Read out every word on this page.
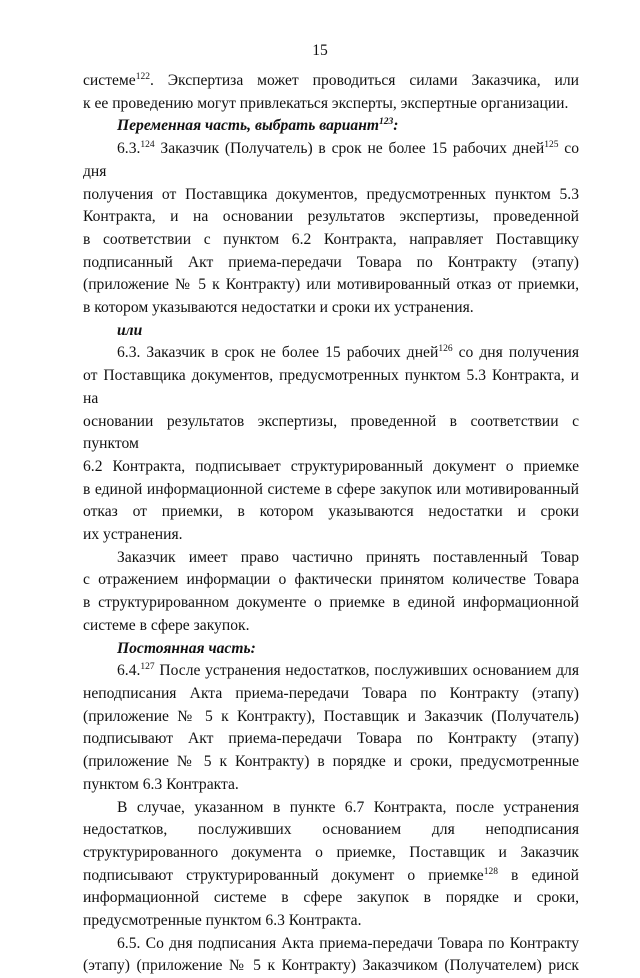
15

системе$^{122}$. Экспертиза может проводиться силами Заказчика, или

к ее проведению могут привлекаться эксперты, экспертные организации.

Переменная часть, выбрать вариант$^{123}$:

6.3.$^{124}$ Заказчик (Получатель) в срок не более 15 рабочих дней$^{125}$ со дня

получения от Поставщика документов, предусмотренных пунктом 5.3

Контракта, и на основании результатов экспертизы, проведенной

в соответствии с пунктом 6.2 Контракта, направляет Поставщику

подписанный Акт приема-передачи Товара по Контракту (этапу)

(приложение № 5 к Контракту) или мотивированный отказ от приемки,

в котором указываются недостатки и сроки их устранения.

или

6.3. Заказчик в срок не более 15 рабочих дней$^{126}$ со дня получения

от Поставщика документов, предусмотренных пунктом 5.3 Контракта, и на

основании результатов экспертизы, проведенной в соответствии с пунктом

6.2 Контракта, подписывает структурированный документ о приемке

в единой информационной системе в сфере закупок или мотивированный

отказ от приемки, в котором указываются недостатки и сроки

их устранения.

Заказчик имеет право частично принять поставленный Товар

с отражением информации о фактически принятом количестве Товара

в структурированном документе о приемке в единой информационной

системе в сфере закупок.

Постоянная часть:

6.4.$^{127}$ После устранения недостатков, послуживших основанием для

неподписания Акта приема-передачи Товара по Контракту (этапу)

(приложение № 5 к Контракту), Поставщик и Заказчик (Получатель)

подписывают Акт приема-передачи Товара по Контракту (этапу)

(приложение № 5 к Контракту) в порядке и сроки, предусмотренные

пунктом 6.3 Контракта.

В случае, указанном в пункте 6.7 Контракта, после устранения

недостатков, послуживших основанием для неподписания

структурированного документа о приемке, Поставщик и Заказчик

подписывают структурированный документ о приемке$^{128}$ в единой

информационной системе в сфере закупок в порядке и сроки,

предусмотренные пунктом 6.3 Контракта.

6.5. Со дня подписания Акта приема-передачи Товара по Контракту

(этапу) (приложение № 5 к Контракту) Заказчиком (Получателем) риск
